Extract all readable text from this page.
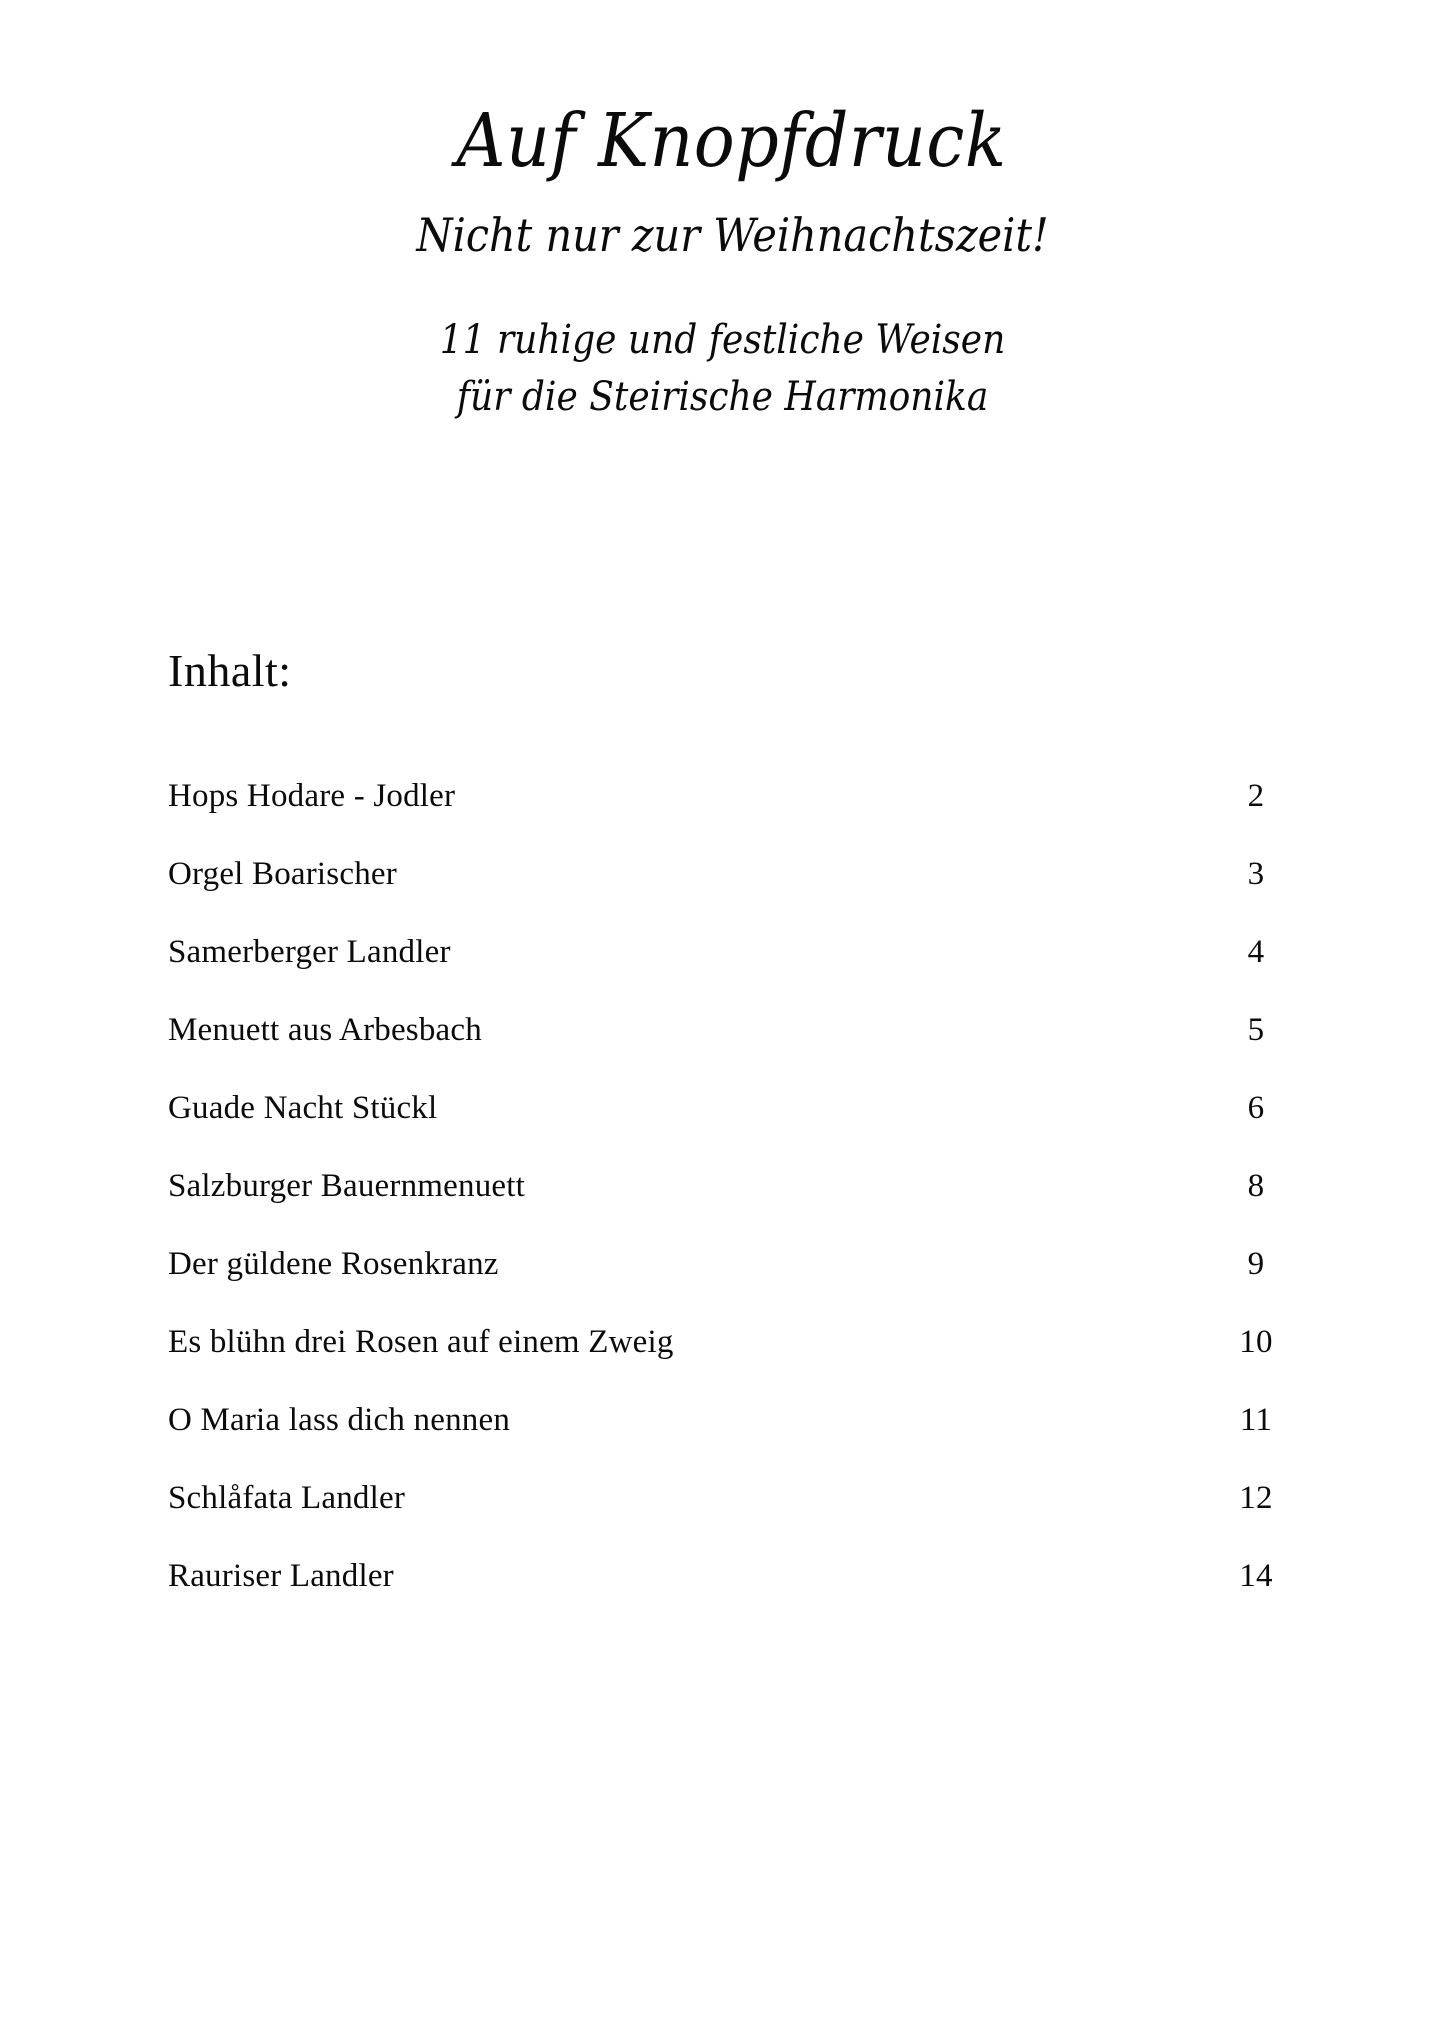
Auf Knopfdruck
Nicht nur zur Weihnachtszeit!

11 ruhige und festliche Weisen
für die Steirische Harmonika

Inhalt:
Hops Hodare - Jodler	2
Orgel Boarischer	3
Samerberger Landler	4
Menuett aus Arbesbach	5
Guade Nacht Stückl	6
Salzburger Bauernmenuett	8
Der güldene Rosenkranz	9
Es blühn drei Rosen auf einem Zweig	10
O Maria lass dich nennen	11
Schlåfata Landler	12
Rauriser Landler	14
